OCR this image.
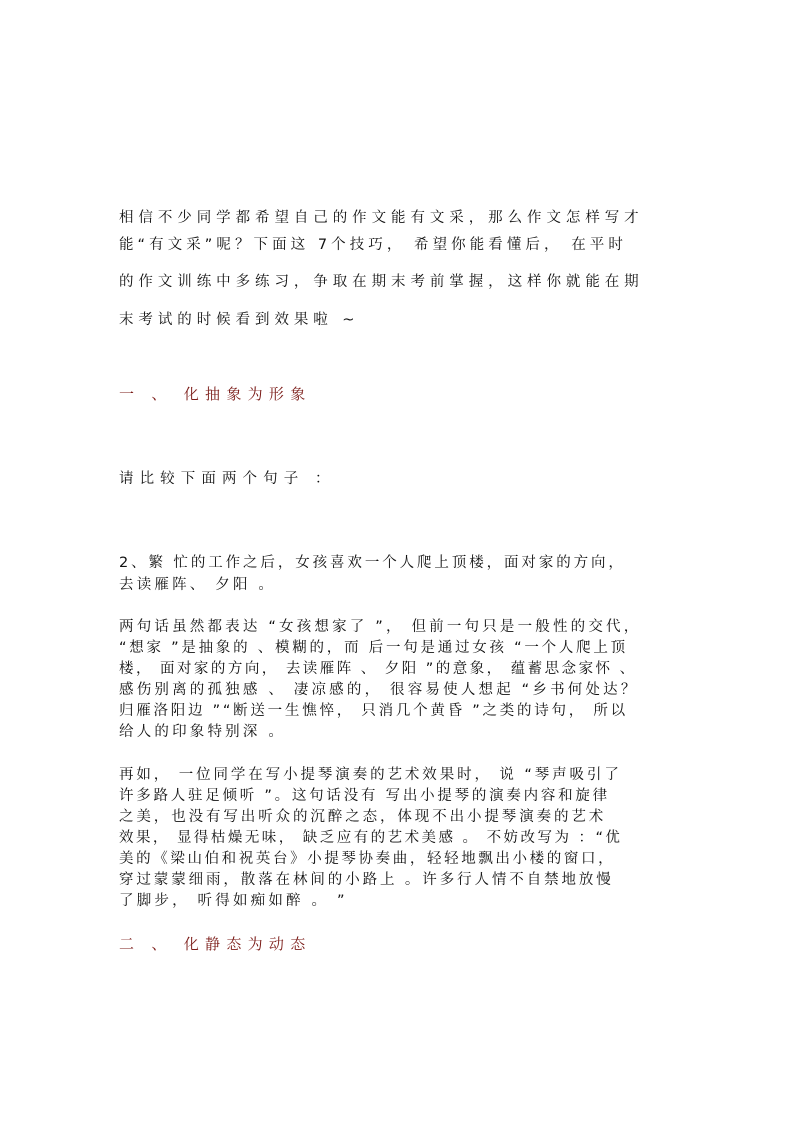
相信不少同学都希望自己的作文能有文采，那么作文怎样写才
能“有文采”呢？下面这 7个技巧， 希望你能看懂后， 在平时
的作文训练中多练习，争取在期末考前掌握，这样你就能在期
末考试的时候看到效果啦 ~
一 、 化抽象为形象
请比较下面两个句子 ：
2、繁 忙的工作之后，女孩喜欢一个人爬上顶楼，面对家的方向，
去读雁阵、 夕阳 。
两句话虽然都表达 “女孩想家了 ”， 但前一句只是一般性的交代，
“想家 ”是抽象的 、模糊的，而 后一句是通过女孩 “一个人爬上顶
楼， 面对家的方向， 去读雁阵 、 夕阳 ”的意象， 蕴蓄思念家怀 、
感伤别离的孤独感 、 凄凉感的， 很容易使人想起 “乡书何处达？
归雁洛阳边 ”“断送一生憔悴， 只消几个黄昏 ”之类的诗句， 所以
给人的印象特别深 。
再如， 一位同学在写小提琴演奏的艺术效果时， 说 “琴声吸引了
许多路人驻足倾听 ”。这句话没有 写出小提琴的演奏内容和旋律
之美，也没有写出听众的沉醉之态，体现不出小提琴演奏的艺术
效果， 显得枯燥无味， 缺乏应有的艺术美感 。 不妨改写为 ：“优
美的《梁山伯和祝英台》小提琴协奏曲，轻轻地飘出小楼的窗口，
穿过蒙蒙细雨，散落在林间的小路上 。许多行人情不自禁地放慢
了脚步， 听得如痴如醉 。 ”
二 、 化静态为动态
